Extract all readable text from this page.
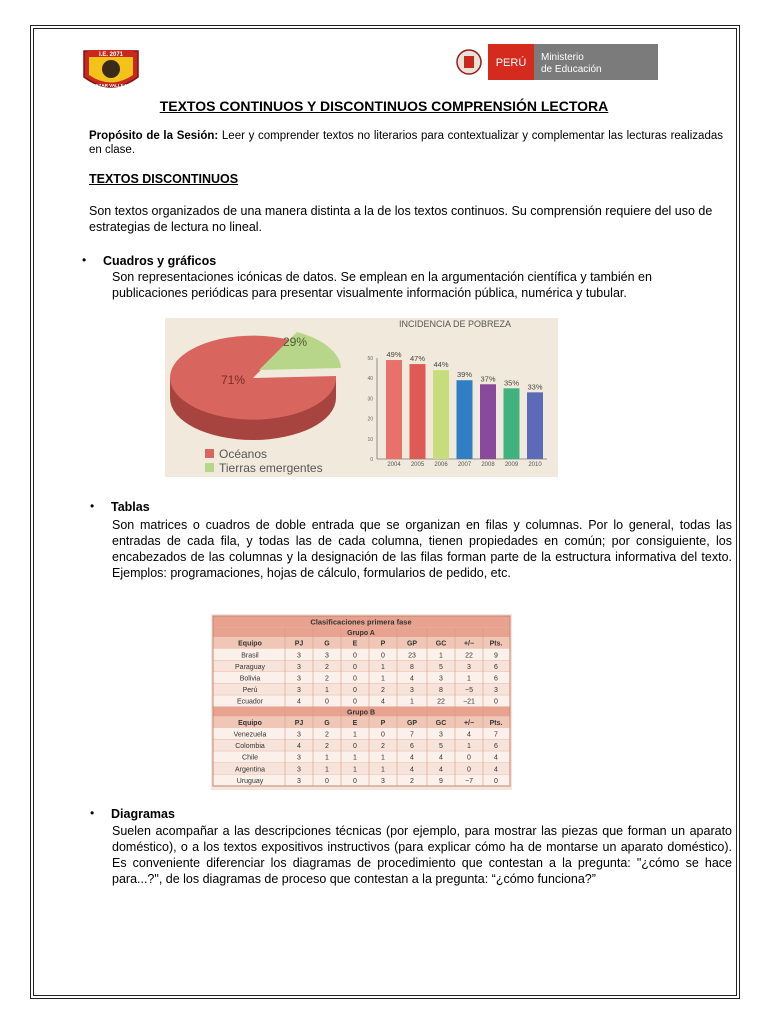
I.E. 2071
CEZAR VALLEJO
PERÚ Ministerio
de Educación
TEXTOS CONTINUOS Y DISCONTINUOS COMPRENSIÓN LECTORA
Propósito de la Sesión: Leer y comprender textos no literarios para contextualizar y complementar las lecturas realizadas en clase.
TEXTOS DISCONTINUOS
Son textos organizados de una manera distinta a la de los textos continuos. Su comprensión requiere del uso de estrategias de lectura no lineal.
• Cuadros y gráficos
Son representaciones icónicas de datos. Se emplean en la argumentación científica y también en publicaciones periódicas para presentar visualmente información pública, numérica y tubular.
71%
29%
Océanos
Tierras emergentes
INCIDENCIA DE POBREZA
0
10
20
30
40
50 49%
2004
47%
2005
44%
2006
39%
2007
37%
2008
35%
2009
33%
2010
• Tablas
Son matrices o cuadros de doble entrada que se organizan en filas y columnas. Por lo general, todas las entradas de cada fila, y todas las de cada columna, tienen propiedades en común; por consiguiente, los encabezados de las columnas y la designación de las filas forman parte de la estructura informativa del texto. Ejemplos: programaciones, hojas de cálculo, formularios de pedido, etc.
Clasificaciones primera fase
Grupo A
Equipo	PJ	G	E	P	GP	GC	+/− Pts.
Brasil	3	3	0	0	23	1	22	9
Paraguay	3	2	0	1	8	5	3	6
Bolivia	3	2	0	1	4	3	1	6
Perú	3	1	0	2	3	8	−5	3
Ecuador	4	0	0	4	1	22	−21	0
Grupo B
Equipo	PJ	G	E	P	GP	GC	+/− Pts.
Venezuela	3	2	1	0	7	3	4	7
Colombia	4	2	0	2	6	5	1	6
Chile	3	1	1	1	4	4	0	4
Argentina	3	1	1	1	4	4	0	4
Uruguay	3	0	0	3	2	9	−7	0
• Diagramas
Suelen acompañar a las descripciones técnicas (por ejemplo, para mostrar las piezas que forman un aparato doméstico), o a los textos expositivos instructivos (para explicar cómo ha de montarse un aparato doméstico). Es conveniente diferenciar los diagramas de procedimiento que contestan a la pregunta: "¿cómo se hace para...?", de los diagramas de proceso que contestan a la pregunta: “¿cómo funciona?”
